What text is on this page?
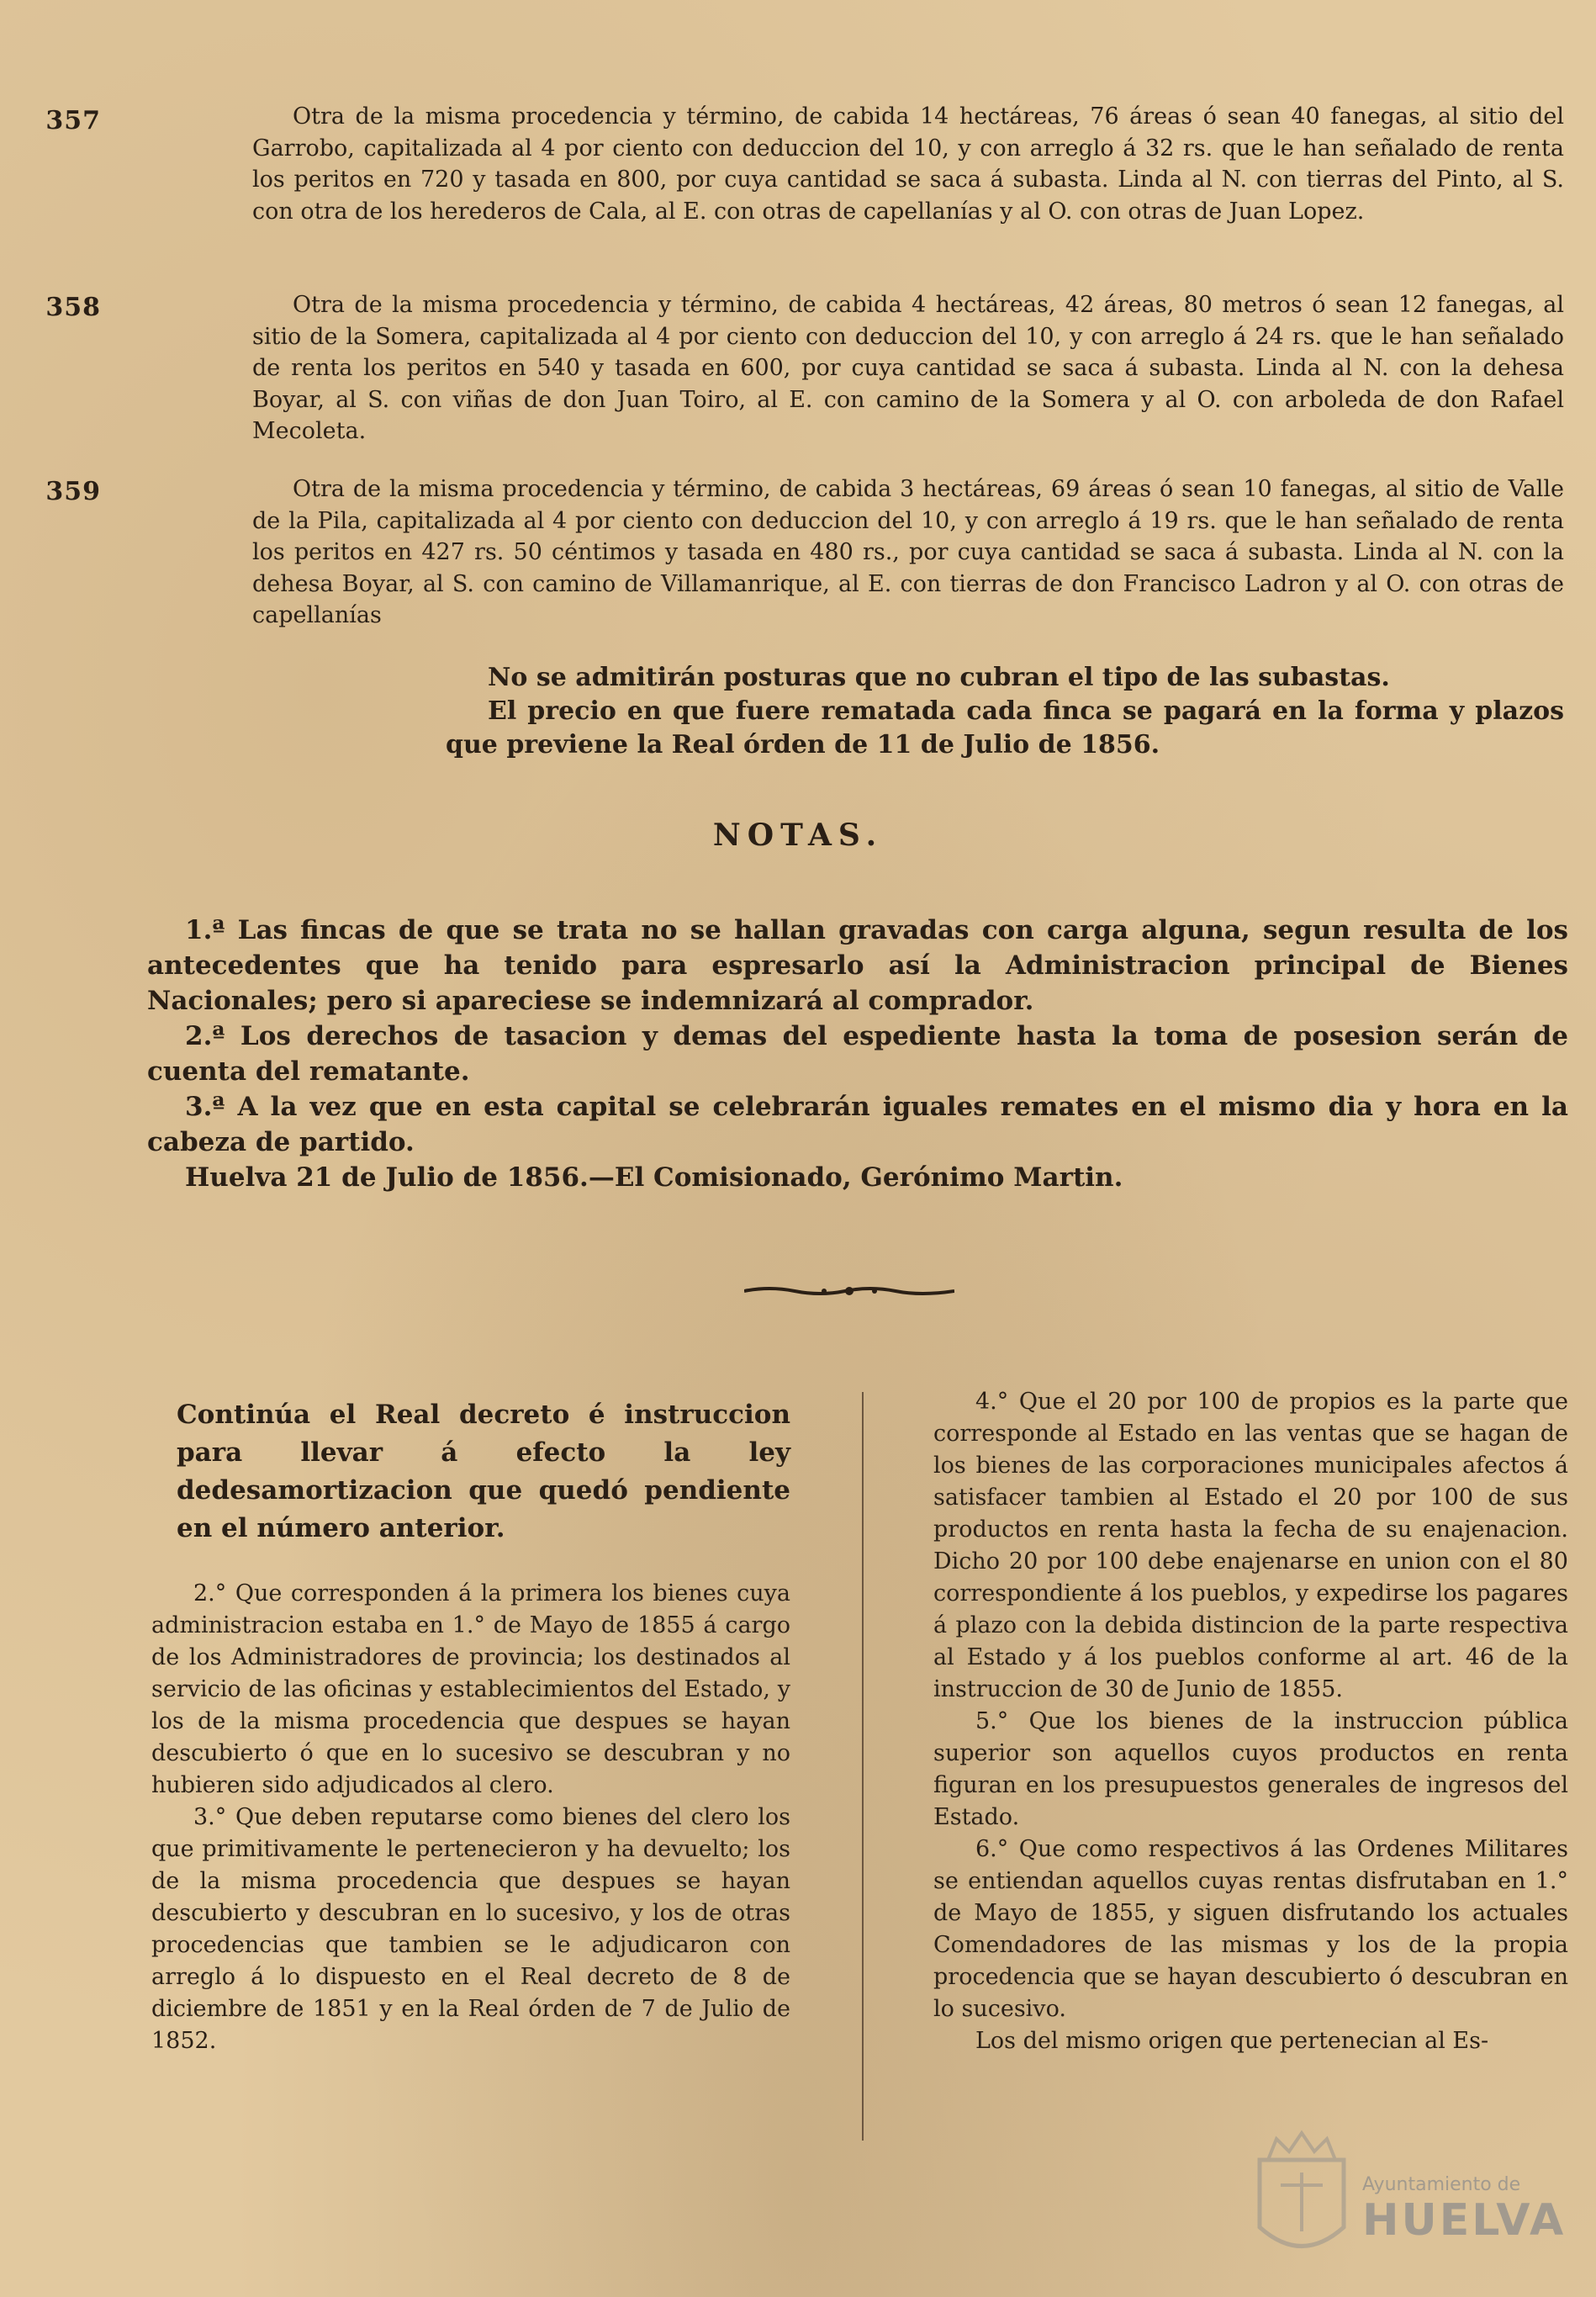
357	Otra de la misma procedencia y término, de cabida 14 hectáreas, 76 áreas ó sean 40 fanegas, al sitio del Garrobo, capitalizada al 4 por ciento con deduccion del 10, y con arreglo á 32 rs. que le han señalado de renta los peritos en 720 y tasada en 800, por cuya cantidad se saca á subasta. Linda al N. con tierras del Pinto, al S. con otra de los herederos de Cala, al E. con otras de capellanías y al O. con otras de Juan Lopez.
358	Otra de la misma procedencia y término, de cabida 4 hectáreas, 42 áreas, 80 metros ó sean 12 fanegas, al sitio de la Somera, capitalizada al 4 por ciento con deduccion del 10, y con arreglo á 24 rs. que le han señalado de renta los peritos en 540 y tasada en 600, por cuya cantidad se saca á subasta. Linda al N. con la dehesa Boyar, al S. con viñas de don Juan Toiro, al E. con camino de la Somera y al O. con arboleda de don Rafael Mecoleta.
359	Otra de la misma procedencia y término, de cabida 3 hectáreas, 69 áreas ó sean 10 fanegas, al sitio de Valle de la Pila, capitalizada al 4 por ciento con deduccion del 10, y con arreglo á 19 rs. que le han señalado de renta los peritos en 427 rs. 50 céntimos y tasada en 480 rs., por cuya cantidad se saca á subasta. Linda al N. con la dehesa Boyar, al S. con camino de Villamanrique, al E. con tierras de don Francisco Ladron y al O. con otras de capellanías

No se admitirán posturas que no cubran el tipo de las subastas.

El precio en que fuere rematada cada finca se pagará en la forma y plazos que previene la Real órden de 11 de Julio de 1856.

NOTAS.

1.ª Las fincas de que se trata no se hallan gravadas con carga alguna, segun resulta de los antecedentes que ha tenido para espresarlo así la Administracion principal de Bienes Nacionales; pero si apareciese se indemnizará al comprador.

2.ª Los derechos de tasacion y demas del espediente hasta la toma de posesion serán de cuenta del rematante.

3.ª A la vez que en esta capital se celebrarán iguales remates en el mismo dia y hora en la cabeza de partido.

Huelva 21 de Julio de 1856.—El Comisionado, Gerónimo Martin.

Continúa el Real decreto é instruccion para llevar á efecto la ley dedesamortizacion que quedó pendiente en el número anterior.

2.° Que corresponden á la primera los bienes cuya administracion estaba en 1.° de Mayo de 1855 á cargo de los Administradores de provincia; los destinados al servicio de las oficinas y establecimientos del Estado, y los de la misma procedencia que despues se hayan descubierto ó que en lo sucesivo se descubran y no hubieren sido adjudicados al clero.

3.° Que deben reputarse como bienes del clero los que primitivamente le pertenecieron y ha devuelto; los de la misma procedencia que despues se hayan descubierto y descubran en lo sucesivo, y los de otras procedencias que tambien se le adjudicaron con arreglo á lo dispuesto en el Real decreto de 8 de diciembre de 1851 y en la Real órden de 7 de Julio de 1852.

4.° Que el 20 por 100 de propios es la parte que corresponde al Estado en las ventas que se hagan de los bienes de las corporaciones municipales afectos á satisfacer tambien al Estado el 20 por 100 de sus productos en renta hasta la fecha de su enajenacion. Dicho 20 por 100 debe enajenarse en union con el 80 correspondiente á los pueblos, y expedirse los pagares á plazo con la debida distincion de la parte respectiva al Estado y á los pueblos conforme al art. 46 de la instruccion de 30 de Junio de 1855.

5.° Que los bienes de la instruccion pública superior son aquellos cuyos productos en renta figuran en los presupuestos generales de ingresos del Estado.

6.° Que como respectivos á las Ordenes Militares se entiendan aquellos cuyas rentas disfrutaban en 1.° de Mayo de 1855, y siguen disfrutando los actuales Comendadores de las mismas y los de la propia procedencia que se hayan descubierto ó descubran en lo sucesivo.

Los del mismo origen que pertenecian al Es-

Ayuntamiento de
HUELVA
